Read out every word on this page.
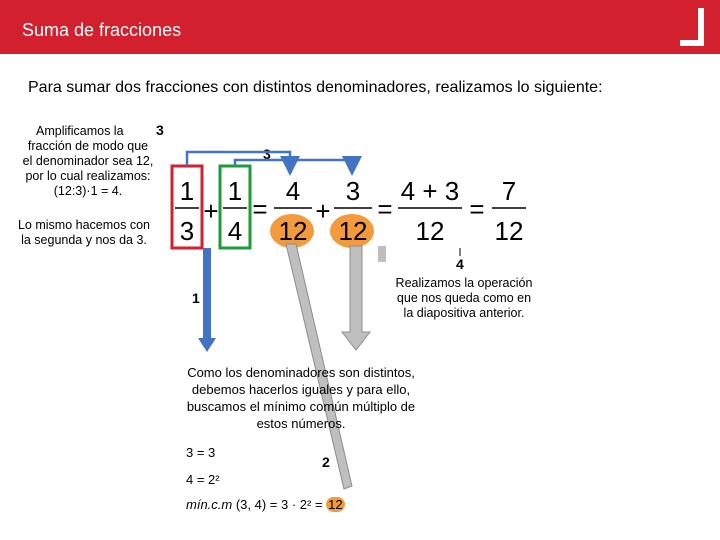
Suma de fracciones
Para sumar dos fracciones con distintos denominadores, realizamos lo siguiente:
Amplificamos la
fracción de modo que
el denominador sea 12,
por lo cual realizamos:
(12:3)·1 = 4.
Lo mismo hacemos con
la segunda y nos da 3.
3
3
1
3
+
1
4
=
4
12
+
3
12
=
4 + 3
12
=
7
12
4
1
2
Realizamos la operación
que nos queda como en
la diapositiva anterior.
Como los denominadores son distintos,
debemos hacerlos iguales y para ello,
buscamos el mínimo común múltiplo de
estos números.
3 = 3
4 = 2²
mín.c.m (3, 4) = 3 · 2² = 12
